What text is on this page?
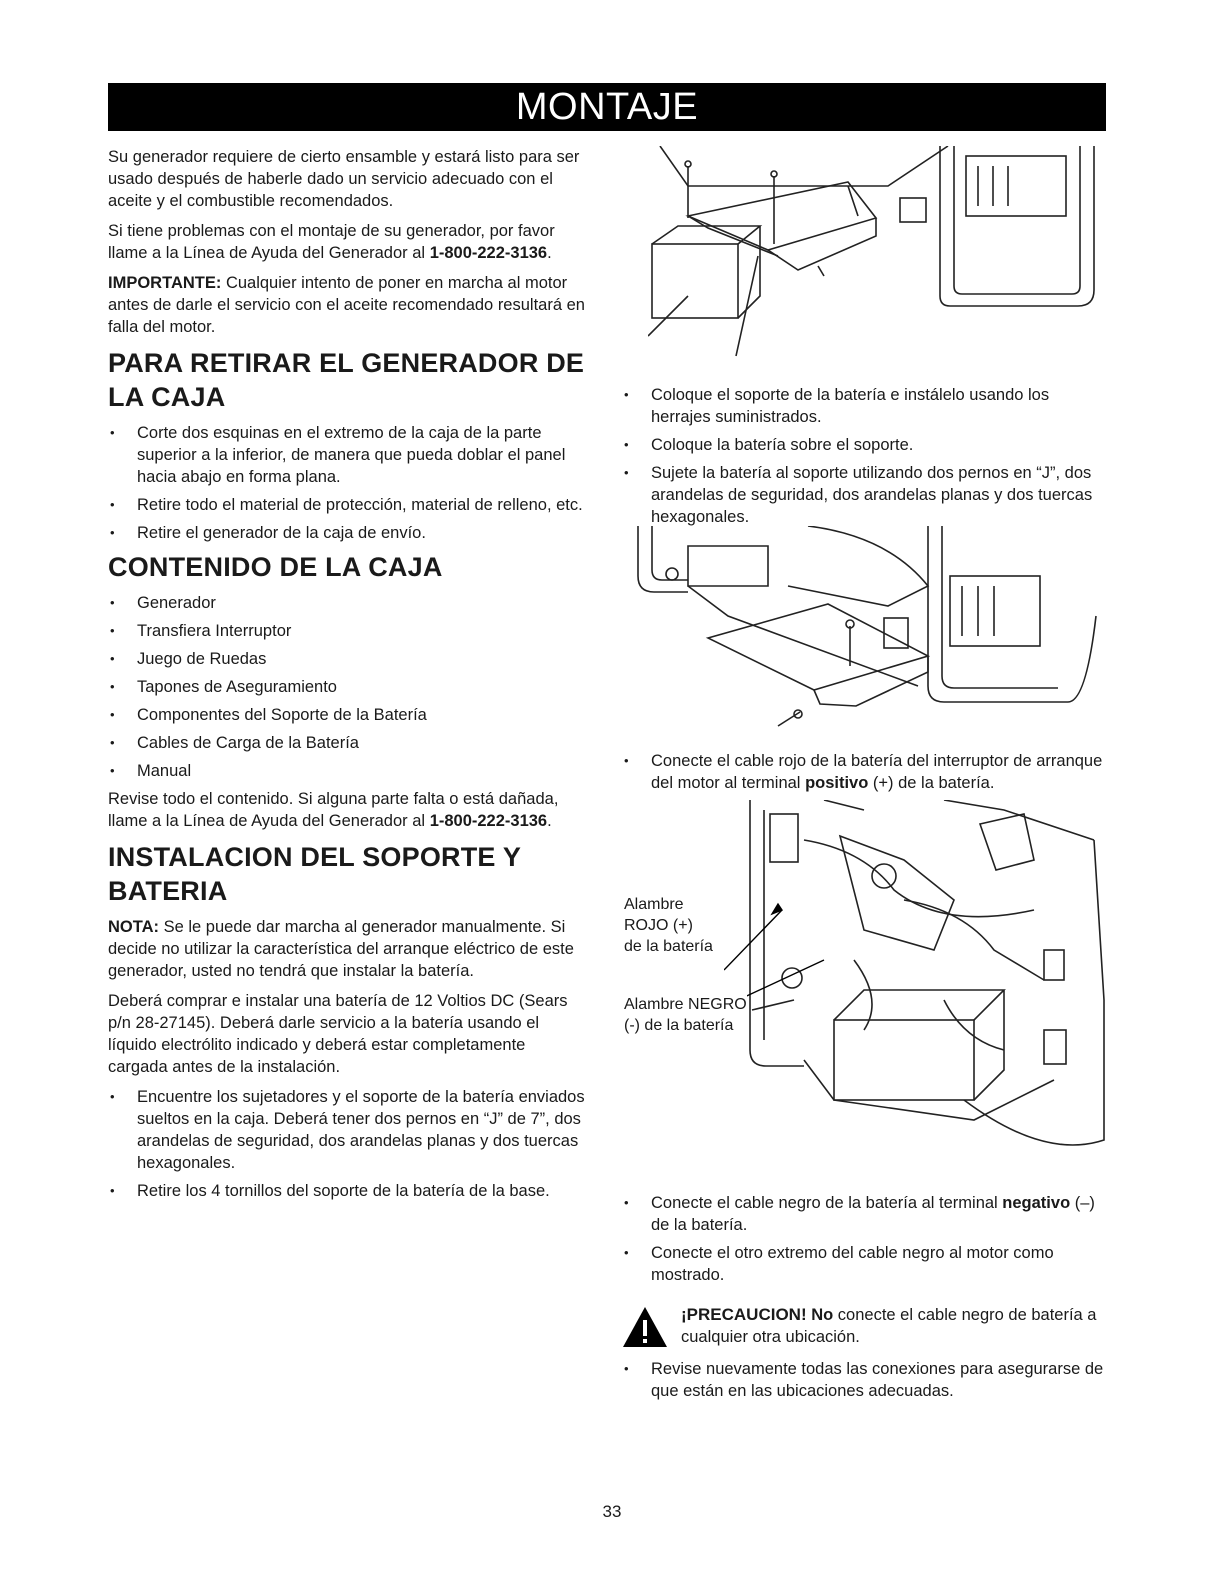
MONTAJE

Su generador requiere de cierto ensamble y estará listo para ser usado después de haberle dado un servicio adecuado con el aceite y el combustible recomendados.

Si tiene problemas con el montaje de su generador, por favor llame a la Línea de Ayuda del Generador al 1-800-222-3136.

IMPORTANTE: Cualquier intento de poner en marcha al motor antes de darle el servicio con el aceite recomendado resultará en falla del motor.

PARA RETIRAR EL GENERADOR DE LA CAJA
• Corte dos esquinas en el extremo de la caja de la parte superior a la inferior, de manera que pueda doblar el panel hacia abajo en forma plana.
• Retire todo el material de protección, material de relleno, etc.
• Retire el generador de la caja de envío.
CONTENIDO DE LA CAJA
• Generador
• Transfiera Interruptor
• Juego de Ruedas
• Tapones de Aseguramiento
• Componentes del Soporte de la Batería
• Cables de Carga de la Batería
• Manual

Revise todo el contenido. Si alguna parte falta o está dañada, llame a la Línea de Ayuda del Generador al 1-800-222-3136.

INSTALACION DEL SOPORTE Y BATERIA

NOTA: Se le puede dar marcha al generador manualmente. Si decide no utilizar la característica del arranque eléctrico de este generador, usted no tendrá que instalar la batería.

Deberá comprar e instalar una batería de 12 Voltios DC (Sears p/n 28-27145). Deberá darle servicio a la batería usando el líquido electrólito indicado y deberá estar completamente cargada antes de la instalación.

• Encuentre los sujetadores y el soporte de la batería enviados sueltos en la caja. Deberá tener dos pernos en “J” de 7”, dos arandelas de seguridad, dos arandelas planas y dos tuercas hexagonales.
• Retire los 4 tornillos del soporte de la batería de la base.
• Coloque el soporte de la batería e instálelo usando los herrajes suministrados.
• Coloque la batería sobre el soporte.
• Sujete la batería al soporte utilizando dos pernos en “J”, dos arandelas de seguridad, dos arandelas planas y dos tuercas hexagonales.
• Conecte el cable rojo de la batería del interruptor de arranque del motor al terminal positivo (+) de la batería.
Alambre
ROJO (+)
de la batería
Alambre NEGRO
(-) de la batería
• Conecte el cable negro de la batería al terminal negativo (–) de la batería.
• Conecte el otro extremo del cable negro al motor como mostrado.
¡PRECAUCION! No conecte el cable negro de batería a cualquier otra ubicación.
• Revise nuevamente todas las conexiones para asegurarse de que están en las ubicaciones adecuadas.
33
